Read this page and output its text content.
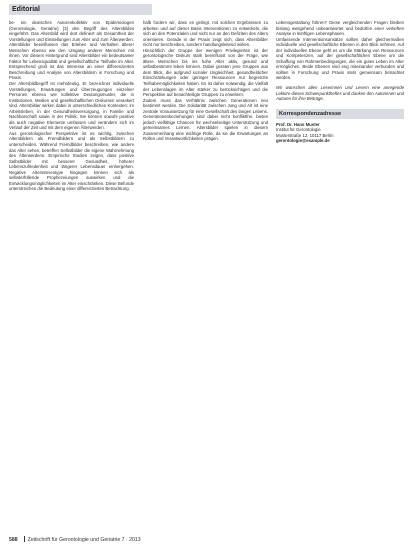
Editorial

be- ein deutsches Autorenkollektiv von Epidemiologen (Gerontologie, Geriatrie) [3] den Begriff des Altersbildes eingeführt. Das Altersbild wird dort definiert als Gesamtheit der Vorstellungen und Einstellungen zum Alter und zum Älterwerden. Altersbilder beeinflussen das Erleben und Verhalten älterer Menschen ebenso wie den Umgang anderer Menschen mit ihnen. Vor diesem Hintergrund sind Altersbilder ein bedeutsamer Faktor für Lebensqualität und gesellschaftliche Teilhabe im Alter. Entsprechend groß ist das Interesse an einer differenzierten Beschreibung und Analyse von Altersbildern in Forschung und Praxis.

Der Altersbildbegriff ist mehrdeutig. Er bezeichnet individuelle Vorstellungen, Erwartungen und Überzeugungen einzelner Personen ebenso wie kollektive Deutungsmuster, die in Institutionen, Medien und gesellschaftlichen Diskursen verankert sind. Altersbilder wirken dabei in unterschiedlichen Kontexten: im Arbeitsleben, in der Gesundheitsversorgung, in Familie und Nachbarschaft sowie in der Politik. Sie können sowohl positive als auch negative Elemente umfassen und verändern sich im Verlauf der Zeit und mit dem eigenen Älterwerden.

Aus gerontologischer Perspektive ist es wichtig, zwischen Altersbildern als Fremdbildern und als Selbstbildern zu unterscheiden. Während Fremdbilder beschreiben, wie andere das Alter sehen, betreffen Selbstbilder die eigene Wahrnehmung des Älterwerdens. Empirische Studien zeigen, dass positive Selbstbilder mit besserer Gesundheit, höherer Lebenszufriedenheit und längerer Lebensdauer einhergehen. Negative Altersstereotype hingegen können sich als selbsterfüllende Prophezeiungen auswirken und die Entwicklungsmöglichkeiten im Alter einschränken. Diese Befunde unterstreichen die Bedeutung einer differenzierten Betrachtung.

halb fordern wir, dass es gelingt, mit solchen Ergebnissen zu arbeiten und auf dieser Basis Interventionen zu entwickeln, die sich an den Potenzialen und nicht nur an den Defiziten des Alters orientieren. Gerade in der Praxis zeigt sich, dass Altersbilder nicht nur beschreiben, sondern handlungsleitend wirken.

Hinsichtlich der Gruppe der wenigen Privilegierten ist der gerontologische Diskurs stark beeinflusst von der Frage, wie ältere Menschen bis ins hohe Alter aktiv, gesund und selbstbestimmt leben können. Dabei geraten jene Gruppen aus dem Blick, die aufgrund sozialer Ungleichheit, gesundheitlicher Einschränkungen oder geringer Ressourcen nur begrenzte Teilhabemöglichkeiten haben. Es ist daher notwendig, die Vielfalt der Lebenslagen im Alter stärker zu berücksichtigen und die Perspektive auf benachteiligte Gruppen zu erweitern.

Zudem muss das Verhältnis zwischen Generationen neu bestimmt werden. Die Solidarität zwischen Jung und Alt ist eine zentrale Voraussetzung für eine Gesellschaft des langen Lebens. Generationenbeziehungen sind dabei nicht konfliktfrei, bieten jedoch vielfältige Chancen für wechselseitige Unterstützung und gemeinsames Lernen. Altersbilder spielen in diesem Zusammenhang eine wichtige Rolle, da sie die Erwartungen an Rollen und Verantwortlichkeiten prägen.

Lebensgestaltung führen? Diese vergleichenden Fragen bleiben bislang weitgehend unbeantwortet und bedürfen einer vertieften Analyse in künftigen Lebensphasen.

Umfassende Interventionsansätze sollten daher gleichermaßen individuelle und gesellschaftliche Ebenen in den Blick nehmen. Auf der individuellen Ebene geht es um die Stärkung von Ressourcen und Kompetenzen, auf der gesellschaftlichen Ebene um die Schaffung von Rahmenbedingungen, die ein gutes Leben im Alter ermöglichen. Beide Ebenen sind eng miteinander verbunden und sollten in Forschung und Praxis stets gemeinsam betrachtet werden.

Wir wünschen allen Leserinnen und Lesern eine anregende Lektüre dieses Schwerpunktheftes und danken den Autorinnen und Autoren für ihre Beiträge.

Korrespondenzadresse
Prof. Dr. Hans Muster
Institut für Gerontologie
Musterstraße 12, 10117 Berlin
gerontologie@example.de
588 Zeitschrift für Gerontologie und Geriatrie 7 · 2013
